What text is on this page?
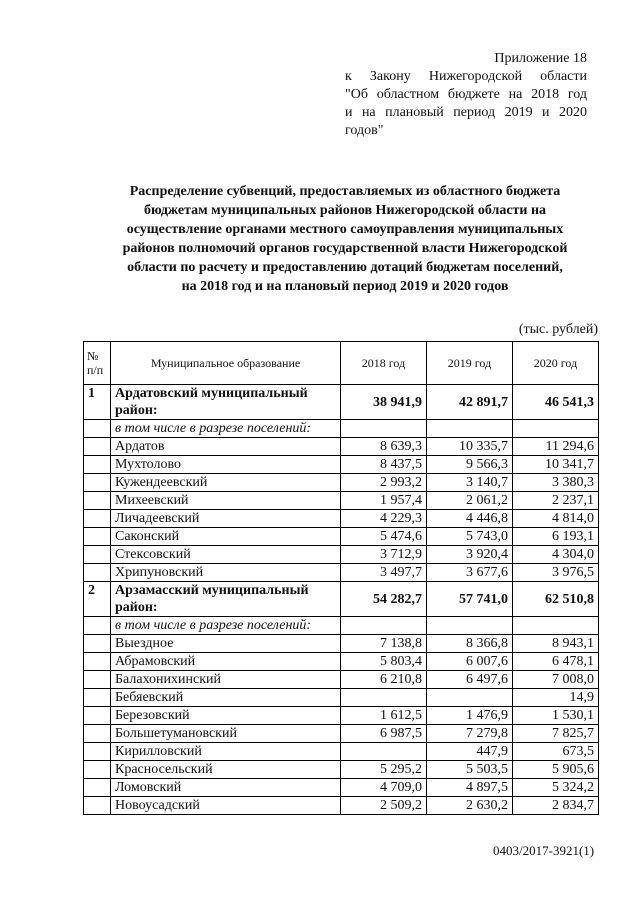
Приложение 18
к Закону Нижегородской области
"Об областном бюджете на 2018 год
и на плановый период 2019 и 2020
годов"
Распределение субвенций, предоставляемых из областного бюджета
бюджетам муниципальных районов Нижегородской области на
осуществление органами местного самоуправления муниципальных
районов полномочий органов государственной власти Нижегородской
области по расчету и предоставлению дотаций бюджетам поселений,
на 2018 год и на плановый период 2019 и 2020 годов
(тыс. рублей)
№ п/п	Муниципальное образование	2018 год	2019 год	2020 год
1	Ардатовский муниципальный район:	38 941,9	42 891,7	46 541,3
	в том числе в разрезе поселений:			
	Ардатов	8 639,3	10 335,7	11 294,6
	Мухтолово	8 437,5	9 566,3	10 341,7
	Кужендеевский	2 993,2	3 140,7	3 380,3
	Михеевский	1 957,4	2 061,2	2 237,1
	Личадеевский	4 229,3	4 446,8	4 814,0
	Саконский	5 474,6	5 743,0	6 193,1
	Стексовский	3 712,9	3 920,4	4 304,0
	Хрипуновский	3 497,7	3 677,6	3 976,5
2	Арзамасский муниципальный район:	54 282,7	57 741,0	62 510,8
	в том числе в разрезе поселений:			
	Выездное	7 138,8	8 366,8	8 943,1
	Абрамовский	5 803,4	6 007,6	6 478,1
	Балахонихинский	6 210,8	6 497,6	7 008,0
	Бебяевский			14,9
	Березовский	1 612,5	1 476,9	1 530,1
	Большетумановский	6 987,5	7 279,8	7 825,7
	Кирилловский		447,9	673,5
	Красносельский	5 295,2	5 503,5	5 905,6
	Ломовский	4 709,0	4 897,5	5 324,2
	Новоусадский	2 509,2	2 630,2	2 834,7
0403/2017-3921(1)
